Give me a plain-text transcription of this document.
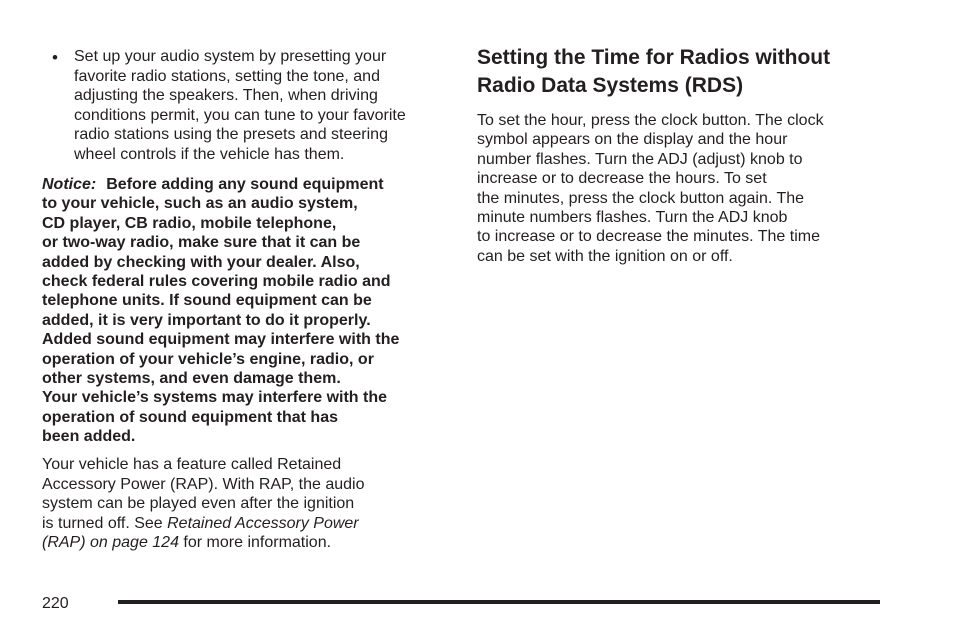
• Set up your audio system by presetting your
favorite radio stations, setting the tone, and
adjusting the speakers. Then, when driving
conditions permit, you can tune to your favorite
radio stations using the presets and steering
wheel controls if the vehicle has them.
Notice: Before adding any sound equipment
to your vehicle, such as an audio system,
CD player, CB radio, mobile telephone,
or two-way radio, make sure that it can be
added by checking with your dealer. Also,
check federal rules covering mobile radio and
telephone units. If sound equipment can be
added, it is very important to do it properly.
Added sound equipment may interfere with the
operation of your vehicle’s engine, radio, or
other systems, and even damage them.
Your vehicle’s systems may interfere with the
operation of sound equipment that has
been added.
Your vehicle has a feature called Retained
Accessory Power (RAP). With RAP, the audio
system can be played even after the ignition
is turned off. See Retained Accessory Power
(RAP) on page 124 for more information.
Setting the Time for Radios without
Radio Data Systems (RDS)
To set the hour, press the clock button. The clock
symbol appears on the display and the hour
number flashes. Turn the ADJ (adjust) knob to
increase or to decrease the hours. To set
the minutes, press the clock button again. The
minute numbers flashes. Turn the ADJ knob
to increase or to decrease the minutes. The time
can be set with the ignition on or off.
220
